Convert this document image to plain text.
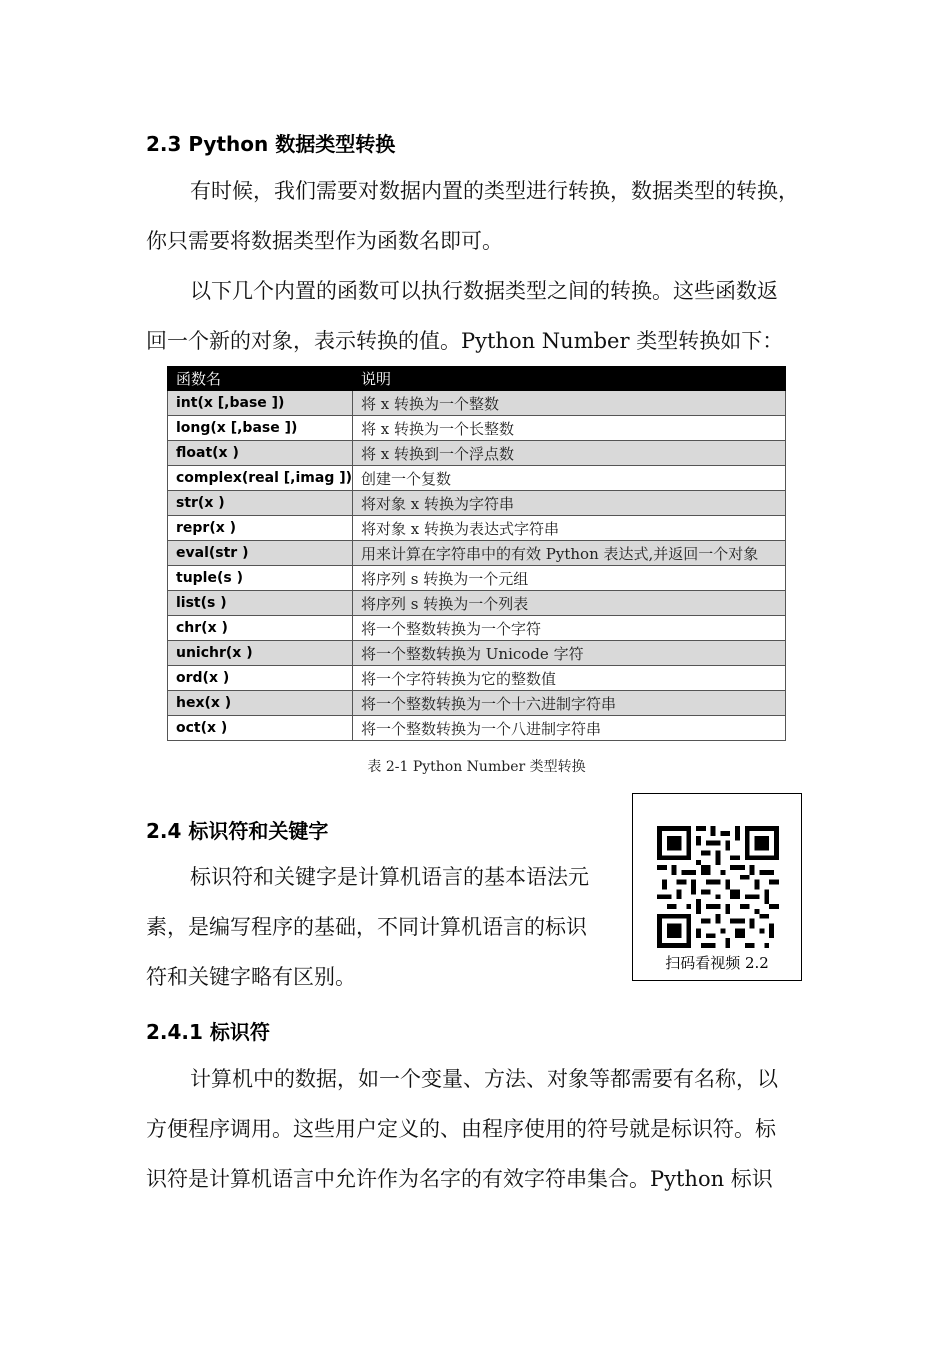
2.3 Python 数据类型转换
有时候，我们需要对数据内置的类型进行转换，数据类型的转换，
你只需要将数据类型作为函数名即可。
以下几个内置的函数可以执行数据类型之间的转换。这些函数返
回一个新的对象，表示转换的值。Python Number 类型转换如下：
函数名	说明
int(x [,base ])	将 x 转换为一个整数
long(x [,base ])	将 x 转换为一个长整数
float(x )	将 x 转换到一个浮点数
complex(real [,imag ])	创建一个复数
str(x )	将对象 x 转换为字符串
repr(x )	将对象 x 转换为表达式字符串
eval(str )	用来计算在字符串中的有效 Python 表达式,并返回一个对象
tuple(s )	将序列 s 转换为一个元组
list(s )	将序列 s 转换为一个列表
chr(x )	将一个整数转换为一个字符
unichr(x )	将一个整数转换为 Unicode 字符
ord(x )	将一个字符转换为它的整数值
hex(x )	将一个整数转换为一个十六进制字符串
oct(x )	将一个整数转换为一个八进制字符串
表 2-1 Python Number 类型转换
2.4 标识符和关键字
标识符和关键字是计算机语言的基本语法元
素，是编写程序的基础，不同计算机语言的标识
符和关键字略有区别。
扫码看视频 2.2
2.4.1 标识符
计算机中的数据，如一个变量、方法、对象等都需要有名称，以
方便程序调用。这些用户定义的、由程序使用的符号就是标识符。标
识符是计算机语言中允许作为名字的有效字符串集合。Python 标识
